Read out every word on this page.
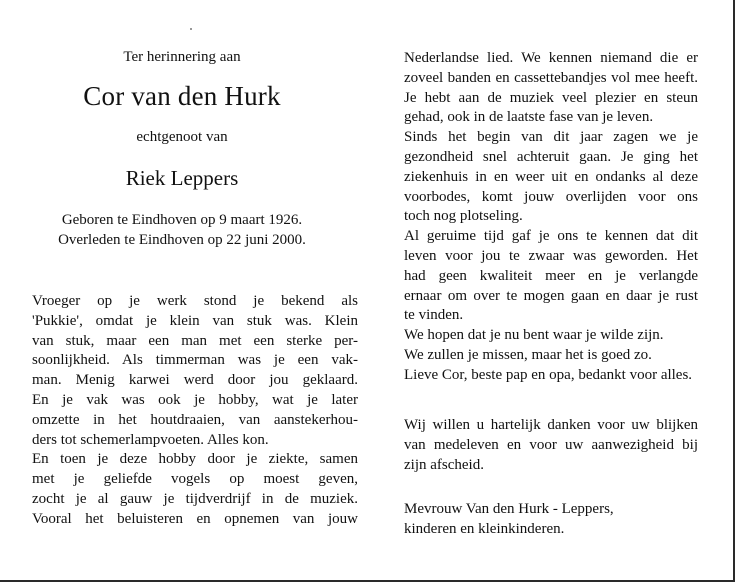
Ter herinnering aan
Cor van den Hurk
echtgenoot van
Riek Leppers
Geboren te Eindhoven op 9 maart 1926.
Overleden te Eindhoven op 22 juni 2000.
Vroeger op je werk stond je bekend als
'Pukkie', omdat je klein van stuk was. Klein
van stuk, maar een man met een sterke per-
soonlijkheid. Als timmerman was je een vak-
man. Menig karwei werd door jou geklaard.
En je vak was ook je hobby, wat je later
omzette in het houtdraaien, van aanstekerhou-
ders tot schemerlampvoeten. Alles kon.
En toen je deze hobby door je ziekte, samen
met je geliefde vogels op moest geven,
zocht je al gauw je tijdverdrijf in de muziek.
Vooral het beluisteren en opnemen van jouw
Nederlandse lied. We kennen niemand die er
zoveel banden en cassettebandjes vol mee heeft.
Je hebt aan de muziek veel plezier en steun
gehad, ook in de laatste fase van je leven.
Sinds het begin van dit jaar zagen we je
gezondheid snel achteruit gaan. Je ging het
ziekenhuis in en weer uit en ondanks al deze
voorbodes, komt jouw overlijden voor ons
toch nog plotseling.
Al geruime tijd gaf je ons te kennen dat dit
leven voor jou te zwaar was geworden. Het
had geen kwaliteit meer en je verlangde
ernaar om over te mogen gaan en daar je rust
te vinden.
We hopen dat je nu bent waar je wilde zijn.
We zullen je missen, maar het is goed zo.
Lieve Cor, beste pap en opa, bedankt voor alles.
Wij willen u hartelijk danken voor uw blijken
van medeleven en voor uw aanwezigheid bij
zijn afscheid.
Mevrouw Van den Hurk - Leppers,
kinderen en kleinkinderen.
